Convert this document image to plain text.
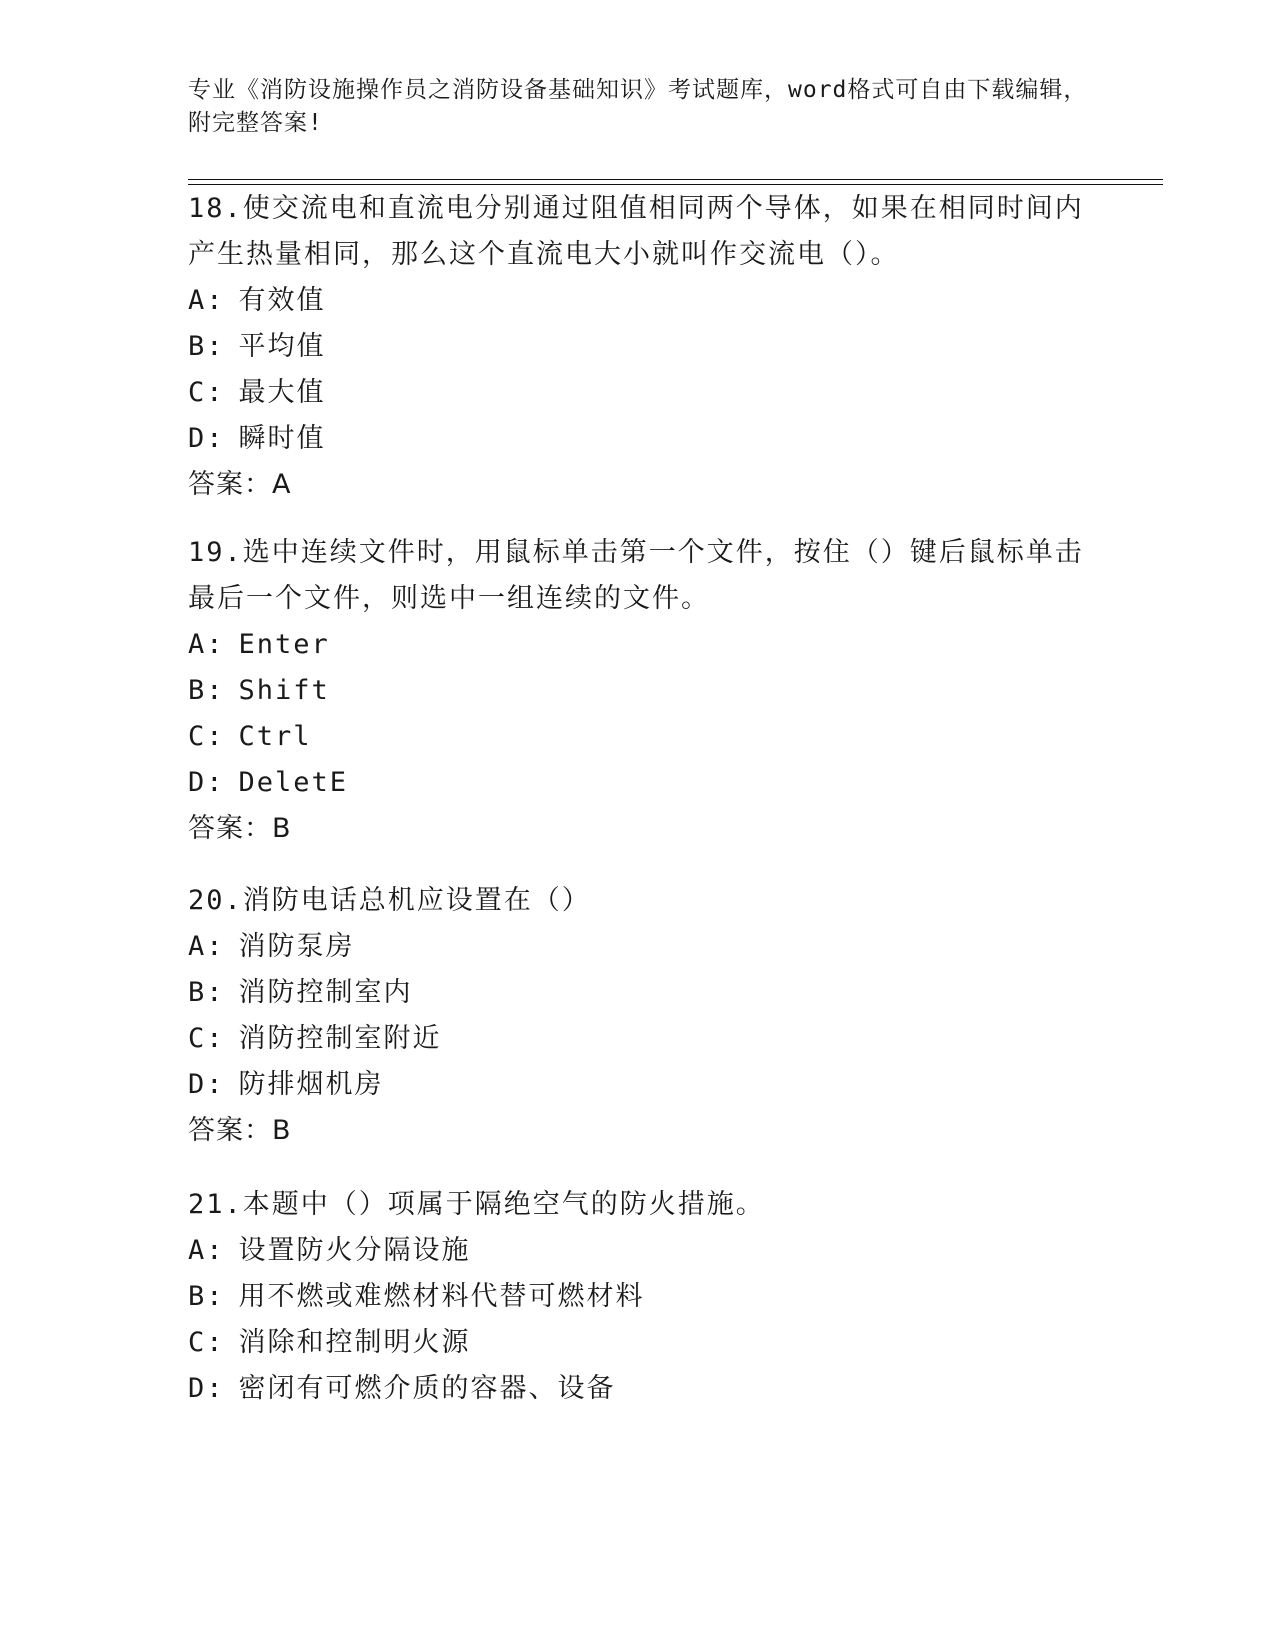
专业《消防设施操作员之消防设备基础知识》考试题库，word格式可自由下载编辑，附完整答案!
18.使交流电和直流电分别通过阻值相同两个导体，如果在相同时间内产生热量相同，那么这个直流电大小就叫作交流电（）。
A: 有效值
B: 平均值
C: 最大值
D: 瞬时值
答案：A
19.选中连续文件时，用鼠标单击第一个文件，按住（）键后鼠标单击最后一个文件，则选中一组连续的文件。
A: Enter
B: Shift
C: Ctrl
D: DeletE
答案：B
20.消防电话总机应设置在（）
A: 消防泵房
B: 消防控制室内
C: 消防控制室附近
D: 防排烟机房
答案：B
21.本题中（）项属于隔绝空气的防火措施。
A: 设置防火分隔设施
B: 用不燃或难燃材料代替可燃材料
C: 消除和控制明火源
D: 密闭有可燃介质的容器、设备
